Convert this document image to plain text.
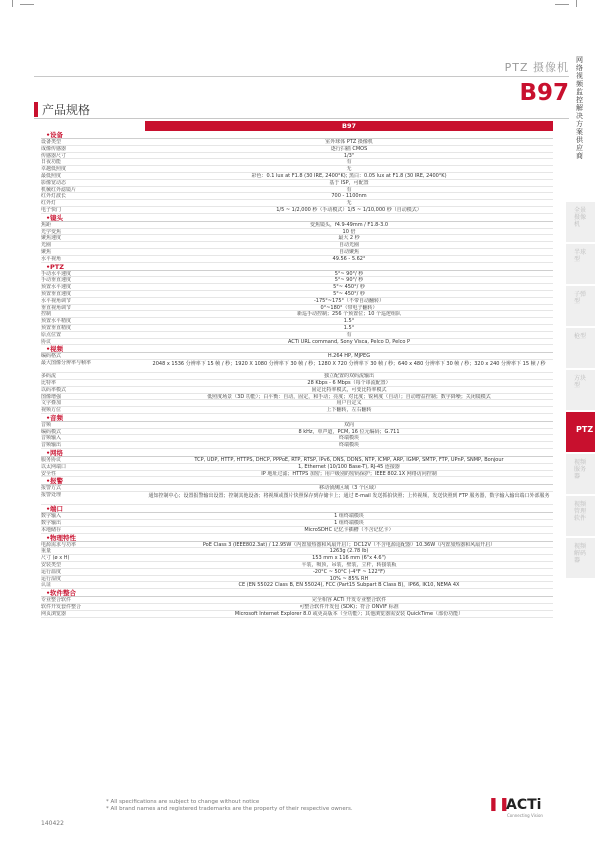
PTZ 摄像机
B97
网络视频监控解决方案供应商
全景摄像机
半球型
子弹型
枪型
方块型
PTZ
视频服务器
视频管理软件
视频解码器
产品规格
B97
•设备
设备类型	室外球体 PTZ 摄像机
成像传感器	逐行扫描 CMOS
传感器尺寸	1/3"
日夜功能	有
卓越低照度	无
最低照度	彩色：0.1 lux at F1.8 (30 IRE, 2400°K); 黑白：0.05 lux at F1.8 (30 IRE, 2400°K)
影像宽动态	基于 ISP，可配置
机械红外滤镜片	有
红外灯波长	700 - 1100nm
红外灯	无
电子快门	1/5 ~ 1/2,000 秒（手动模式）1/5 ~ 1/10,000 秒（自动模式）
•镜头
焦距	变焦镜头，f4.9-49mm / F1.8-3.0
光学变焦	10 倍
聚焦速度	最大 2 秒
光圈	自动光圈
聚焦	自动聚焦
水平视角	49.56 - 5.62°
•PTZ
手动水平速度	5°~ 90°/ 秒
手动垂直速度	5°~ 90°/ 秒
预置水平速度	5°~ 450°/ 秒
预置垂直速度	5°~ 450°/ 秒
水平视角调节	-175°~175°（不带自动翻转）
垂直视角调节	0°~180°（带电子翻转）
控制	新巡手动控制；256 个预置位；10 个巡逻组队
预置水平精度	1.5°
预置垂直精度	1.5°
原点位置	有
协议	ACTi URL command, Sony Visca, Pelco D, Pelco P
•视频
编码格式	H.264 HP, MJPEG
最大图像分辨率与帧率	2048 x 1536 分辨率下 15 帧 / 秒；1920 X 1080 分辨率下 30 帧 / 秒；1280 X 720 分辨率下 30 帧 / 秒；640 x 480 分辨率下 30 帧 / 秒；320 x 240 分辨率下 15 帧 / 秒
多码流	独立配置的双码流输出
比特率	28 Kbps - 6 Mbps（每个串流配置）
以码率模式	固定比特率模式，可变比特率模式
图像增强	低照度场景（3D 功能）；白平衡：自动，固定，和手动；亮度；对比度；锐利度（自动）；自动增益控制；数字降噪；关闭镜模式
文字叠加	用户自定义
视频方位	上下翻转，左右翻转
•音频
音频	双向
编码模式	8 kHz，单声道，PCM, 16 位元编码；G.711
音频输入	终端模块
音频输出	终端模块
•网络
服务协议	TCP, UDP, HTTP, HTTPS, DHCP, PPPoE, RTP, RTSP, IPv6, DNS, DDNS, NTP, ICMP, ARP, IGMP, SMTP, FTP, UPnP, SNMP, Bonjour
以太网端口	1, Ethernet (10/100 Base-T), RJ-45 连接器
安全性	IP 地址过滤；HTTPS 加密；用户级别的密码保护；IEEE 802.1X 网络访问控制
•报警
报警方式	移动侦测区域（3 个区域）
报警处理	通知控制中心；设置报警输出设置；控制其他设备；将视频或图片快照保存到存储卡上；通过 E-mail 发送抓拍快照；上传视频，发送快照到 FTP 服务器，数字输入输出端口外部服务
•端口
数字输入	1 组终端模块
数字输出	1 组终端模块
本地储存	MicroSDHC 记忆卡插槽（不含记忆卡）
•物理特性
电源需求与功率	PoE Class 3 (IEEE802.3at) / 12.95W（内置加热器和风扇开启）；DC12V（不含电源适配器）10.36W（内置加热器和风扇开启）
重量	1263g (2.78 lb)
尺寸 (ø x H)	153 mm x 116 mm (6"x 4.6")
安装类型	平装，吸顶，吊装，壁装，立杆，转接装板
运行温度	-20°C ~ 50°C (-4°F ~ 122°F)
运行湿度	10% ~ 85% RH
认证	CE (EN 55022 Class B, EN 55024), FCC (Part15 Subpart B Class B)，IP66, IK10, NEMA 4X
•软件整合
专业整合软件	完全相容 ACTi 开发专业整合软件
软件开发套件整合	可整合软件开发包 (SDK)；符合 ONVIF 标准
网页浏览器	Microsoft Internet Explorer 8.0 或更高版本（全功能）；其他浏览器需安装 QuickTime（部份功能）
* All specifications are subject to change without notice
* All brand names and registered trademarks are the property of their respective owners.
140422
❚❚
ACTi
Connecting Vision
